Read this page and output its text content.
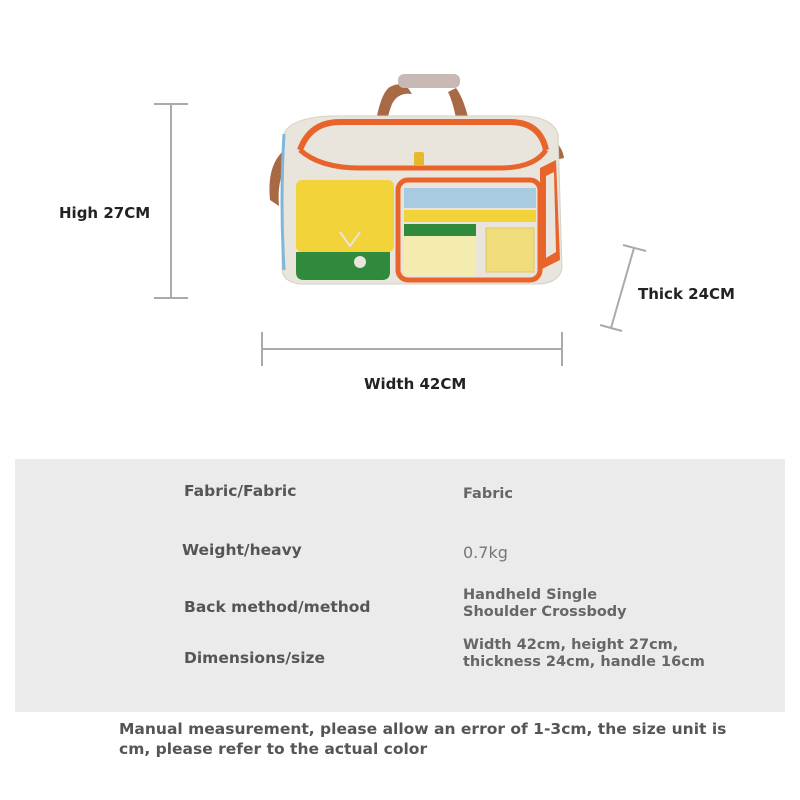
High 27CM
Width 42CM
Thick 24CM
Fabric/Fabric	Fabric
Weight/heavy	0.7kg
Back method/method
Handheld Single
Shoulder Crossbody
Dimensions/size
Width 42cm, height 27cm,
thickness 24cm, handle 16cm
Manual measurement, please allow an error of 1-3cm, the size unit is cm, please refer to the actual color
